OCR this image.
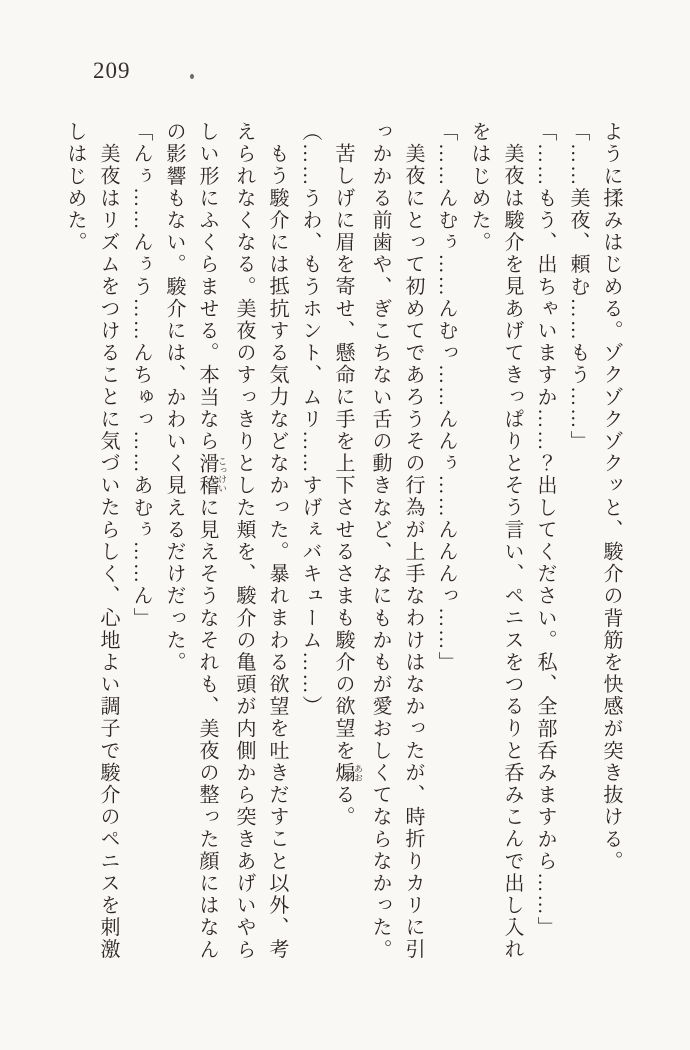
209

ように揉みはじめる。ゾクゾクゾクッと、駿介の背筋を快感が突き抜ける。

「……美夜、頼む……もう……」

「……もう、出ちゃいますか……？出してください。私、全部呑みますから……」

美夜は駿介を見あげてきっぱりとそう言い、ペニスをつるりと呑みこんで出し入れ

をはじめた。

「……んむぅ……んむっ……んんぅ……んんんっ……」

美夜にとって初めてであろうその行為が上手なわけはなかったが、時折りカリに引

っかかる前歯や、ぎこちない舌の動きなど、なにもかもが愛おしくてならなかった。

苦しげに眉を寄せ、懸命に手を上下させるさまも駿介の欲望を煽 あおる。

（……うわ、もうホント、ムリ……すげぇバキューム……）

もう駿介には抵抗する気力などなかった。暴れまわる欲望を吐きだすこと以外、考

えられなくなる。美夜のすっきりとした頬を、駿介の亀頭が内側から突きあげいやら

しい形にふくらませる。本当なら滑稽 こっけいに見えそうなそれも、美夜の整った顔にはなん

の影響もない。駿介には、かわいく見えるだけだった。

「んぅ……んぅう……んちゅっ……あむぅ……ん」

美夜はリズムをつけることに気づいたらしく、心地よい調子で駿介のペニスを刺激

しはじめた。
